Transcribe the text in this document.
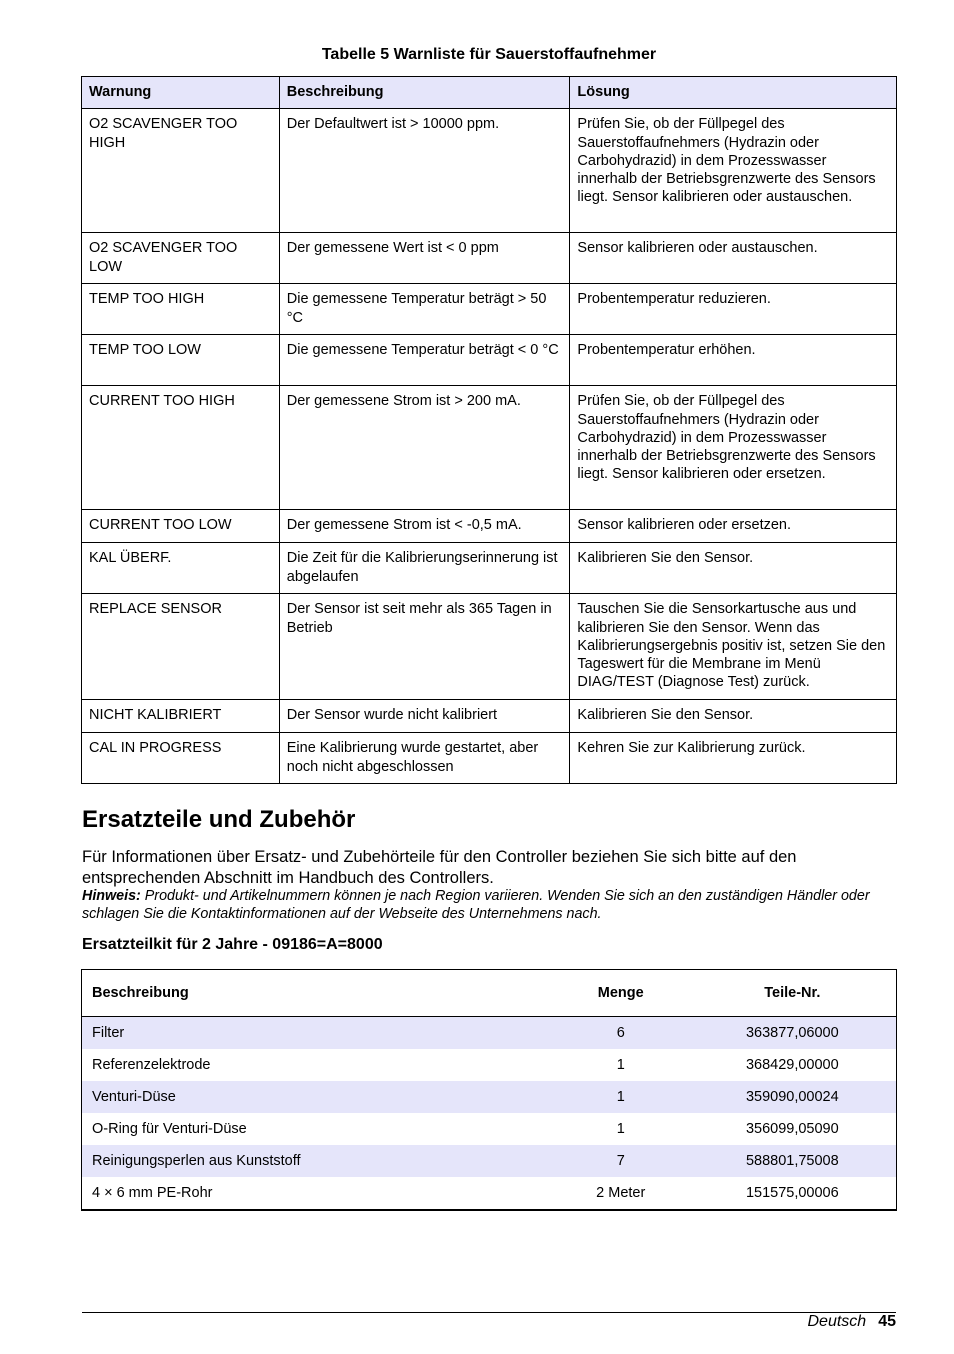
Tabelle 5 Warnliste für Sauerstoffaufnehmer
Warnung	Beschreibung	Lösung
O2 SCAVENGER TOO HIGH	Der Defaultwert ist > 10000 ppm.	Prüfen Sie, ob der Füllpegel des Sauerstoffaufnehmers (Hydrazin oder Carbohydrazid) in dem Prozesswasser innerhalb der Betriebsgrenzwerte des Sensors liegt. Sensor kalibrieren oder austauschen.
O2 SCAVENGER TOO LOW	Der gemessene Wert ist < 0 ppm	Sensor kalibrieren oder austauschen.
TEMP TOO HIGH	Die gemessene Temperatur beträgt > 50 °C	Probentemperatur reduzieren.
TEMP TOO LOW	Die gemessene Temperatur beträgt < 0 °C	Probentemperatur erhöhen.
CURRENT TOO HIGH	Der gemessene Strom ist > 200 mA.	Prüfen Sie, ob der Füllpegel des Sauerstoffaufnehmers (Hydrazin oder Carbohydrazid) in dem Prozesswasser innerhalb der Betriebsgrenzwerte des Sensors liegt. Sensor kalibrieren oder ersetzen.
CURRENT TOO LOW	Der gemessene Strom ist < -0,5 mA.	Sensor kalibrieren oder ersetzen.
KAL ÜBERF.	Die Zeit für die Kalibrierungserinnerung ist abgelaufen	Kalibrieren Sie den Sensor.
REPLACE SENSOR	Der Sensor ist seit mehr als 365 Tagen in Betrieb	Tauschen Sie die Sensorkartusche aus und kalibrieren Sie den Sensor. Wenn das Kalibrierungsergebnis positiv ist, setzen Sie den Tageswert für die Membrane im Menü DIAG/TEST (Diagnose Test) zurück.
NICHT KALIBRIERT	Der Sensor wurde nicht kalibriert	Kalibrieren Sie den Sensor.
CAL IN PROGRESS	Eine Kalibrierung wurde gestartet, aber noch nicht abgeschlossen	Kehren Sie zur Kalibrierung zurück.
Ersatzteile und Zubehör

Für Informationen über Ersatz- und Zubehörteile für den Controller beziehen Sie sich bitte auf den entsprechenden Abschnitt im Handbuch des Controllers.

Hinweis: Produkt- und Artikelnummern können je nach Region variieren. Wenden Sie sich an den zuständigen Händler oder schlagen Sie die Kontaktinformationen auf der Webseite des Unternehmens nach.

Ersatzteilkit für 2 Jahre - 09186=A=8000
Beschreibung	Menge	Teile-Nr.
Filter	6	363877,06000
Referenzelektrode	1	368429,00000
Venturi-Düse	1	359090,00024
O-Ring für Venturi-Düse	1	356099,05090
Reinigungsperlen aus Kunststoff	7	588801,75008
4 × 6 mm PE-Rohr	2 Meter	151575,00006
Deutsch 45
